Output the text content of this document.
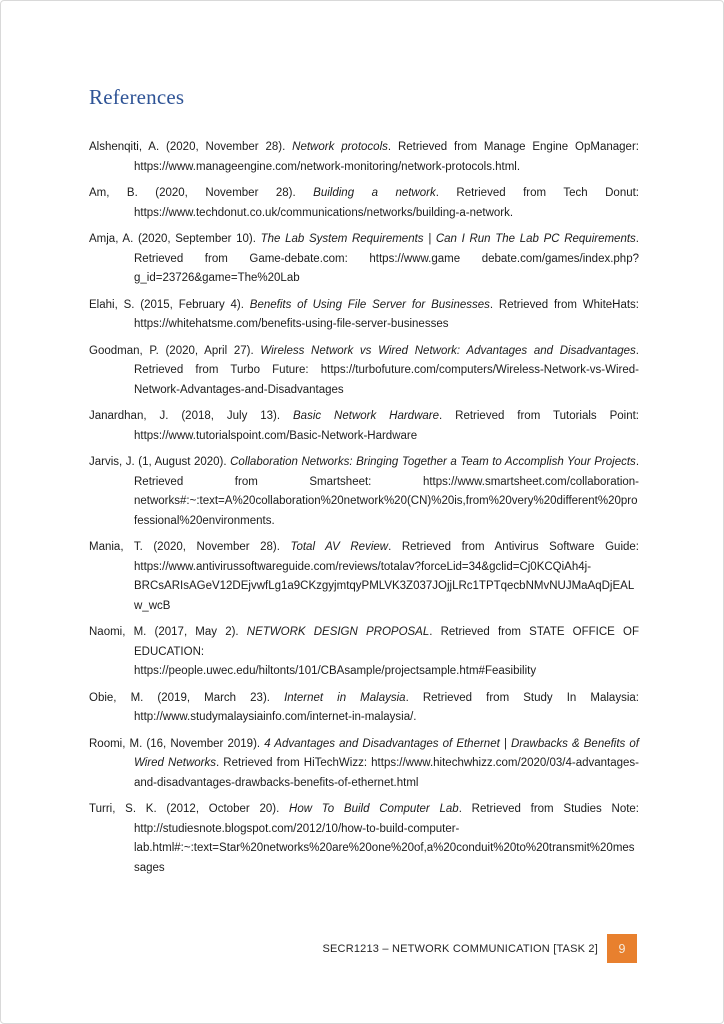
References

Alshenqiti, A. (2020, November 28). Network protocols. Retrieved from Manage Engine OpManager: https://www.manageengine.com/network-monitoring/network-protocols.html.

Am, B. (2020, November 28). Building a network. Retrieved from Tech Donut: https://www.techdonut.co.uk/communications/networks/building-a-network.

Amja, A. (2020, September 10). The Lab System Requirements | Can I Run The Lab PC Requirements. Retrieved from Game-debate.com: https://www.game debate.com/games/index.php?g_id=23726&game=The%20Lab

Elahi, S. (2015, February 4). Benefits of Using File Server for Businesses. Retrieved from WhiteHats: https://whitehatsme.com/benefits-using-file-server-businesses

Goodman, P. (2020, April 27). Wireless Network vs Wired Network: Advantages and Disadvantages. Retrieved from Turbo Future: https://turbofuture.com/computers/Wireless-Network-vs-Wired-Network-Advantages-and-Disadvantages

Janardhan, J. (2018, July 13). Basic Network Hardware. Retrieved from Tutorials Point: https://www.tutorialspoint.com/Basic-Network-Hardware

Jarvis, J. (1, August 2020). Collaboration Networks: Bringing Together a Team to Accomplish Your Projects. Retrieved from Smartsheet: https://www.smartsheet.com/collaboration-networks#:~:text=A%20collaboration%20network%20(CN)%20is,from%20very%20different%20professional%20environments.

Mania, T. (2020, November 28). Total AV Review. Retrieved from Antivirus Software Guide: https://www.antivirussoftwareguide.com/reviews/totalav?forceLid=34&gclid=Cj0KCQiAh4j-BRCsARIsAGeV12DEjvwfLg1a9CKzgyjmtqyPMLVK3Z037JOjjLRc1TPTqecbNMvNUJMaAqDjEALw_wcB

Naomi, M. (2017, May 2). NETWORK DESIGN PROPOSAL. Retrieved from STATE OFFICE OF EDUCATION:
https://people.uwec.edu/hiltonts/101/CBAsample/projectsample.htm#Feasibility

Obie, M. (2019, March 23). Internet in Malaysia. Retrieved from Study In Malaysia: http://www.studymalaysiainfo.com/internet-in-malaysia/.

Roomi, M. (16, November 2019). 4 Advantages and Disadvantages of Ethernet | Drawbacks & Benefits of Wired Networks. Retrieved from HiTechWizz: https://www.hitechwhizz.com/2020/03/4-advantages-and-disadvantages-drawbacks-benefits-of-ethernet.html

Turri, S. K. (2012, October 20). How To Build Computer Lab. Retrieved from Studies Note: http://studiesnote.blogspot.com/2012/10/how-to-build-computer-lab.html#:~:text=Star%20networks%20are%20one%20of,a%20conduit%20to%20transmit%20messages

SECR1213 – NETWORK COMMUNICATION [TASK 2]	9
